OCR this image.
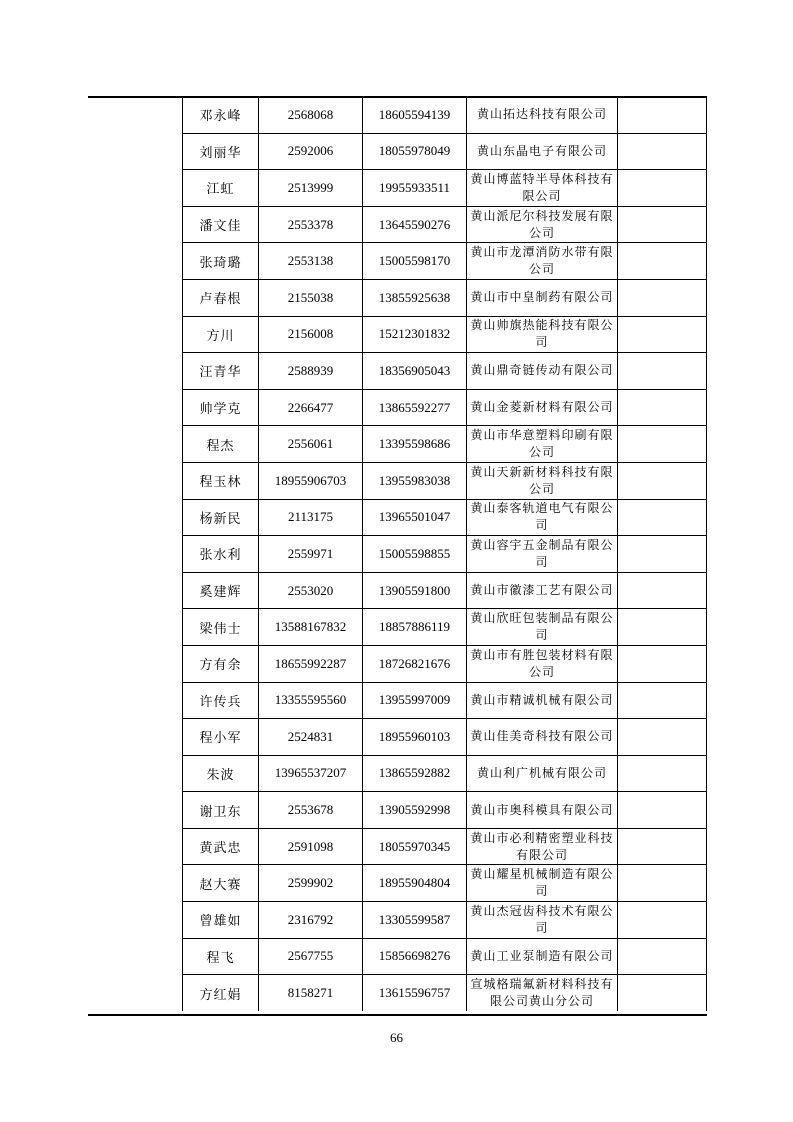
邓永峰	2568068	18605594139	黄山拓达科技有限公司	
刘丽华	2592006	18055978049	黄山东晶电子有限公司	
江虹	2513999	19955933511	黄山博蓝特半导体科技有限公司	
潘文佳	2553378	13645590276	黄山派尼尔科技发展有限公司	
张琦璐	2553138	15005598170	黄山市龙潭消防水带有限公司	
卢春根	2155038	13855925638	黄山市中皇制药有限公司	
方川	2156008	15212301832	黄山帅旗热能科技有限公司	
汪青华	2588939	18356905043	黄山鼎奇链传动有限公司	
帅学克	2266477	13865592277	黄山金菱新材料有限公司	
程杰	2556061	13395598686	黄山市华意塑料印刷有限公司	
程玉林	18955906703	13955983038	黄山天新新材料科技有限公司	
杨新民	2113175	13965501047	黄山泰客轨道电气有限公司	
张水利	2559971	15005598855	黄山容宇五金制品有限公司	
奚建辉	2553020	13905591800	黄山市徽漆工艺有限公司	
梁伟士	13588167832	18857886119	黄山欣旺包装制品有限公司	
方有余	18655992287	18726821676	黄山市有胜包装材料有限公司	
许传兵	13355595560	13955997009	黄山市精诚机械有限公司	
程小军	2524831	18955960103	黄山佳美奇科技有限公司	
朱波	13965537207	13865592882	黄山利广机械有限公司	
谢卫东	2553678	13905592998	黄山市奥科模具有限公司	
黄武忠	2591098	18055970345	黄山市必利精密塑业科技有限公司	
赵大赛	2599902	18955904804	黄山耀星机械制造有限公司	
曾雄如	2316792	13305599587	黄山杰冠齿科技术有限公司	
程飞	2567755	15856698276	黄山工业泵制造有限公司	
方红娟	8158271	13615596757	宣城格瑞氟新材料科技有限公司黄山分公司	
66
